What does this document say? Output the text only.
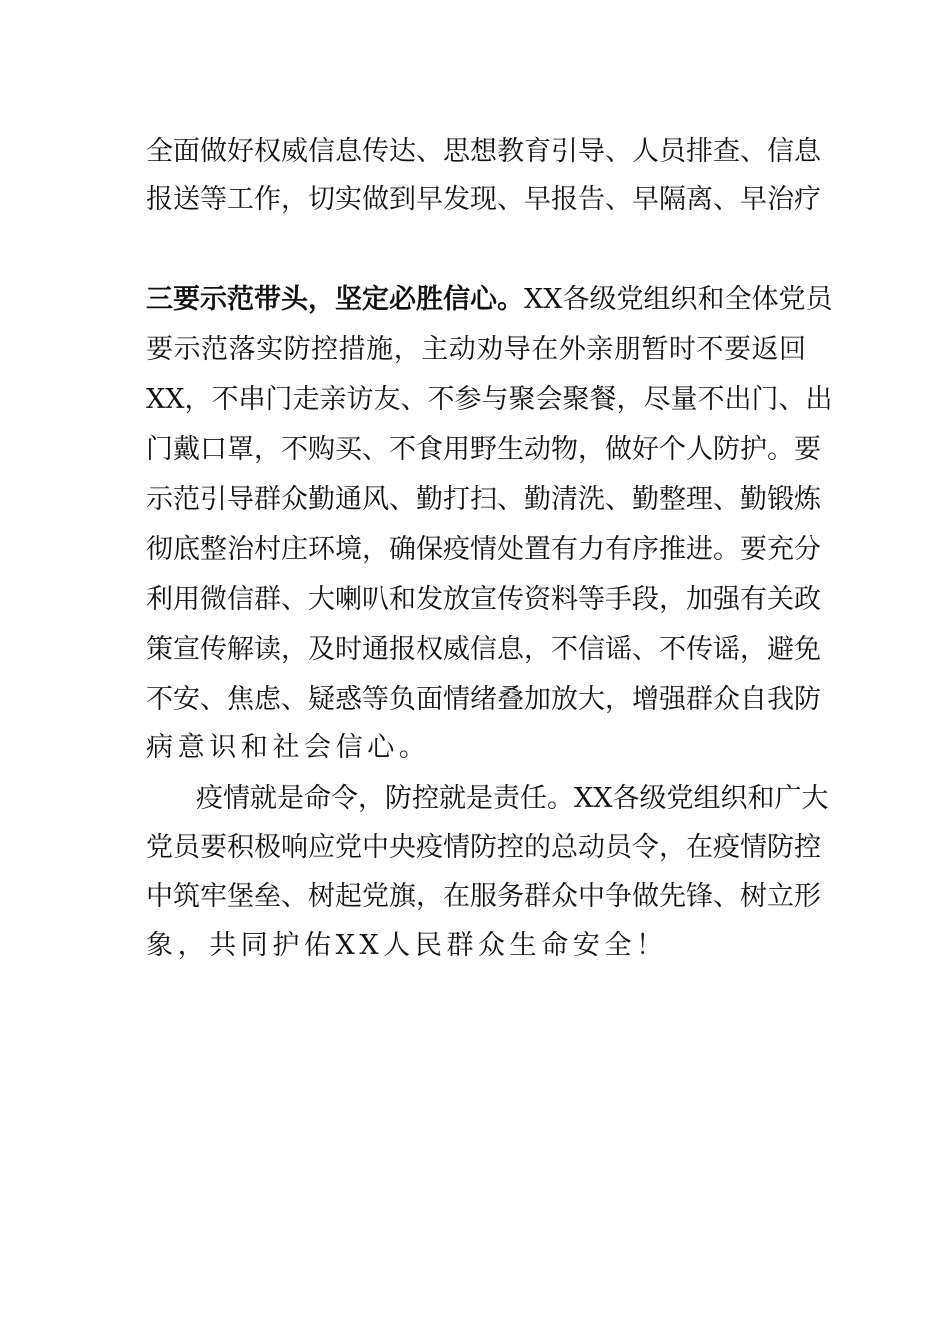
全面做好权威信息传达、思想教育引导、人员排查、信息
报送等工作，切实做到早发现、早报告、早隔离、早治疗
三要示范带头，坚定必胜信心。XX各级党组织和全体党员
要示范落实防控措施，主动劝导在外亲朋暂时不要返回
XX，不串门走亲访友、不参与聚会聚餐，尽量不出门、出
门戴口罩，不购买、不食用野生动物，做好个人防护。要
示范引导群众勤通风、勤打扫、勤清洗、勤整理、勤锻炼
彻底整治村庄环境，确保疫情处置有力有序推进。要充分
利用微信群、大喇叭和发放宣传资料等手段，加强有关政
策宣传解读，及时通报权威信息，不信谣、不传谣，避免
不安、焦虑、疑惑等负面情绪叠加放大，增强群众自我防
病意识和社会信心。
疫情就是命令，防控就是责任。XX各级党组织和广大
党员要积极响应党中央疫情防控的总动员令，在疫情防控
中筑牢堡垒、树起党旗，在服务群众中争做先锋、树立形
象，共同护佑XX人民群众生命安全！
